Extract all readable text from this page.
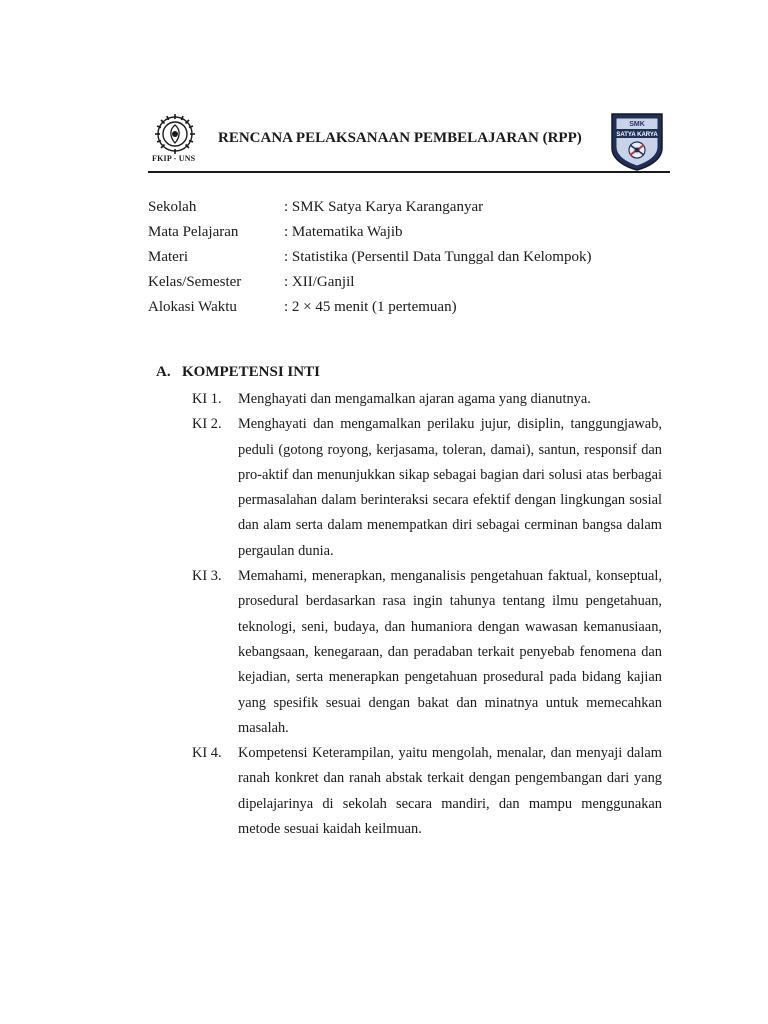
FKIP - UNS
RENCANA PELAKSANAAN PEMBELAJARAN (RPP)
SMK
SATYA KARYA
Sekolah	: SMK Satya Karya Karanganyar
Mata Pelajaran	: Matematika Wajib
Materi	: Statistika (Persentil Data Tunggal dan Kelompok)
Kelas/Semester	: XII/Ganjil
Alokasi Waktu	: 2 × 45 menit (1 pertemuan)
A. KOMPETENSI INTI
KI 1.	Menghayati dan mengamalkan ajaran agama yang dianutnya.
KI 2.	Menghayati dan mengamalkan perilaku jujur, disiplin, tanggungjawab, peduli (gotong royong, kerjasama, toleran, damai), santun, responsif dan pro-aktif dan menunjukkan sikap sebagai bagian dari solusi atas berbagai permasalahan dalam berinteraksi secara efektif dengan lingkungan sosial dan alam serta dalam menempatkan diri sebagai cerminan bangsa dalam pergaulan dunia.
KI 3.	Memahami, menerapkan, menganalisis pengetahuan faktual, konseptual, prosedural berdasarkan rasa ingin tahunya tentang ilmu pengetahuan, teknologi, seni, budaya, dan humaniora dengan wawasan kemanusiaan, kebangsaan, kenegaraan, dan peradaban terkait penyebab fenomena dan kejadian, serta menerapkan pengetahuan prosedural pada bidang kajian yang spesifik sesuai dengan bakat dan minatnya untuk memecahkan masalah.
KI 4.	Kompetensi Keterampilan, yaitu mengolah, menalar, dan menyaji dalam ranah konkret dan ranah abstak terkait dengan pengembangan dari yang dipelajarinya di sekolah secara mandiri, dan mampu menggunakan metode sesuai kaidah keilmuan.
